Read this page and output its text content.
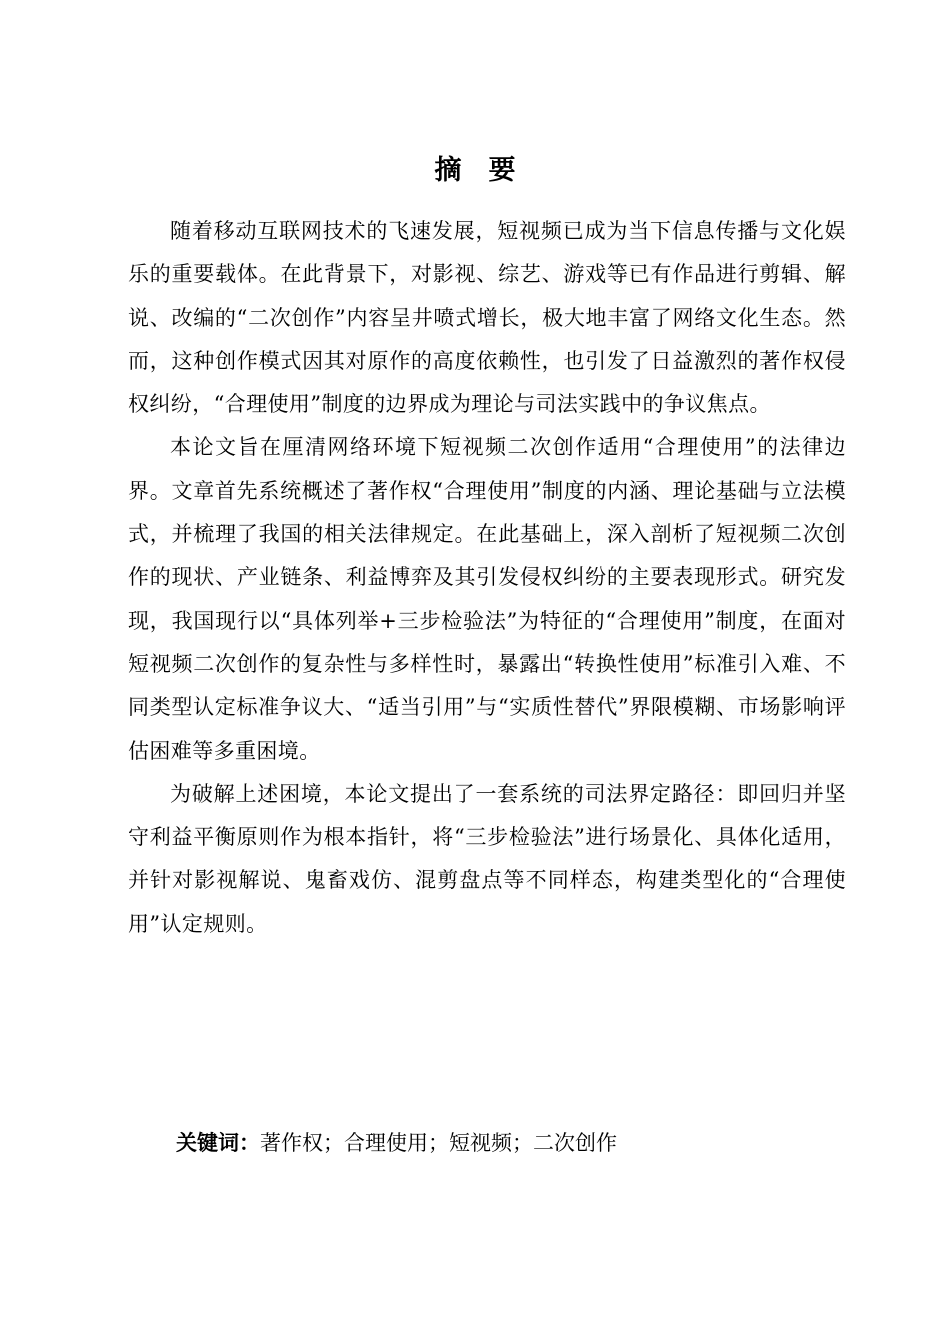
摘　要

随着移动互联网技术的飞速发展，短视频已成为当下信息传播与文化娱乐的重要载体。在此背景下，对影视、综艺、游戏等已有作品进行剪辑、解说、改编的“二次创作”内容呈井喷式增长，极大地丰富了网络文化生态。然而，这种创作模式因其对原作的高度依赖性，也引发了日益激烈的著作权侵权纠纷，“合理使用”制度的边界成为理论与司法实践中的争议焦点。

本论文旨在厘清网络环境下短视频二次创作适用“合理使用”的法律边界。文章首先系统概述了著作权“合理使用”制度的内涵、理论基础与立法模式，并梳理了我国的相关法律规定。在此基础上，深入剖析了短视频二次创作的现状、产业链条、利益博弈及其引发侵权纠纷的主要表现形式。研究发现，我国现行以“具体列举+三步检验法”为特征的“合理使用”制度，在面对短视频二次创作的复杂性与多样性时，暴露出“转换性使用”标准引入难、不同类型认定标准争议大、“适当引用”与“实质性替代”界限模糊、市场影响评估困难等多重困境。

为破解上述困境，本论文提出了一套系统的司法界定路径：即回归并坚守利益平衡原则作为根本指针，将“三步检验法”进行场景化、具体化适用，并针对影视解说、鬼畜戏仿、混剪盘点等不同样态，构建类型化的“合理使用”认定规则。

关键词：著作权；合理使用；短视频；二次创作
